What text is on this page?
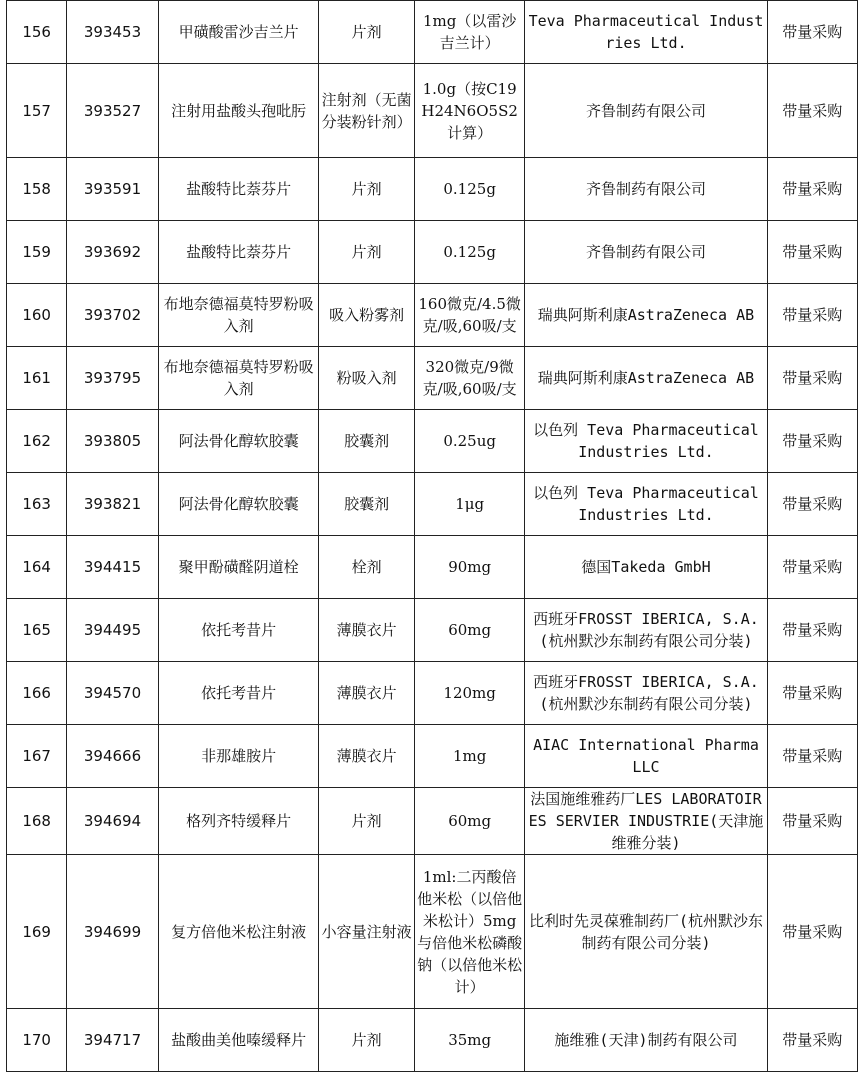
156	393453	甲磺酸雷沙吉兰片	片剂	1mg（以雷沙吉兰计）	Teva Pharmaceutical Industries Ltd.	带量采购
157	393527	注射用盐酸头孢吡肟	注射剂（无菌分装粉针剂）	1.0g（按C19H24N6O5S2计算）	齐鲁制药有限公司	带量采购
158	393591	盐酸特比萘芬片	片剂	0.125g	齐鲁制药有限公司	带量采购
159	393692	盐酸特比萘芬片	片剂	0.125g	齐鲁制药有限公司	带量采购
160	393702	布地奈德福莫特罗粉吸入剂	吸入粉雾剂	160微克/4.5微克/吸,60吸/支	瑞典阿斯利康AstraZeneca AB	带量采购
161	393795	布地奈德福莫特罗粉吸入剂	粉吸入剂	320微克/9微克/吸,60吸/支	瑞典阿斯利康AstraZeneca AB	带量采购
162	393805	阿法骨化醇软胶囊	胶囊剂	0.25ug	以色列 Teva Pharmaceutical Industries Ltd.	带量采购
163	393821	阿法骨化醇软胶囊	胶囊剂	1μg	以色列 Teva Pharmaceutical Industries Ltd.	带量采购
164	394415	聚甲酚磺醛阴道栓	栓剂	90mg	德国Takeda GmbH	带量采购
165	394495	依托考昔片	薄膜衣片	60mg	西班牙FROSST IBERICA, S.A.(杭州默沙东制药有限公司分装)	带量采购
166	394570	依托考昔片	薄膜衣片	120mg	西班牙FROSST IBERICA, S.A.(杭州默沙东制药有限公司分装)	带量采购
167	394666	非那雄胺片	薄膜衣片	1mg	AIAC International Pharma LLC	带量采购
168	394694	格列齐特缓释片	片剂	60mg	法国施维雅药厂LES LABORATOIRES SERVIER INDUSTRIE(天津施维雅分装)	带量采购
169	394699	复方倍他米松注射液	小容量注射液	1ml:二丙酸倍他米松（以倍他米松计）5mg与倍他米松磷酸钠（以倍他米松计）	比利时先灵葆雅制药厂(杭州默沙东制药有限公司分装)	带量采购
170	394717	盐酸曲美他嗪缓释片	片剂	35mg	施维雅(天津)制药有限公司	带量采购
